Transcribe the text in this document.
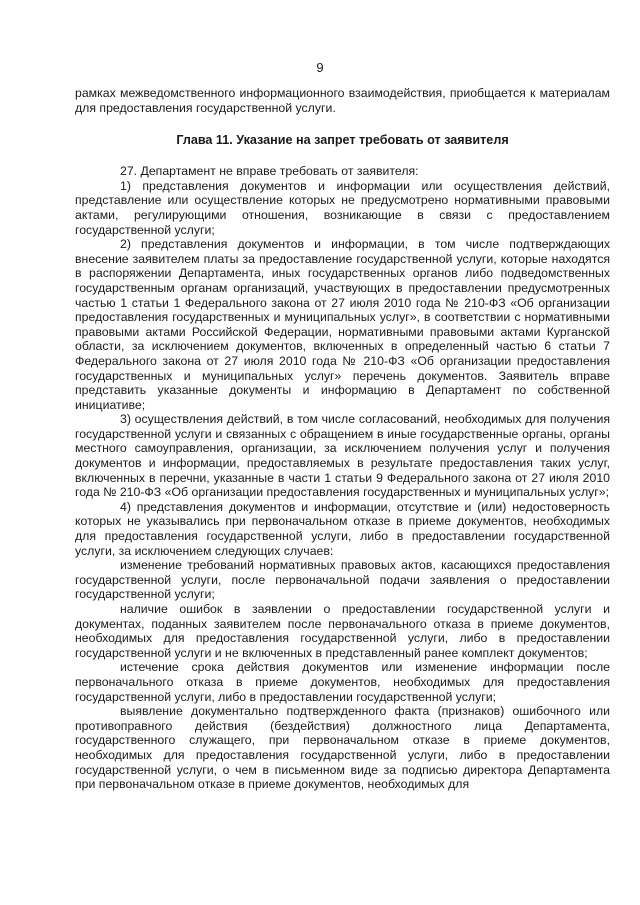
9

рамках межведомственного информационного взаимодействия, приобщается к материалам для предоставления государственной услуги.

Глава 11. Указание на запрет требовать от заявителя

27. Департамент не вправе требовать от заявителя:

1) представления документов и информации или осуществления действий, представление или осуществление которых не предусмотрено нормативными правовыми актами, регулирующими отношения, возникающие в связи с предоставлением государственной услуги;

2) представления документов и информации, в том числе подтверждающих внесение заявителем платы за предоставление государственной услуги, которые находятся в распоряжении Департамента, иных государственных органов либо подведомственных государственным органам организаций, участвующих в предоставлении предусмотренных частью 1 статьи 1 Федерального закона от 27 июля 2010 года № 210-ФЗ «Об организации предоставления государственных и муниципальных услуг», в соответствии с нормативными правовыми актами Российской Федерации, нормативными правовыми актами Курганской области, за исключением документов, включенных в определенный частью 6 статьи 7 Федерального закона от 27 июля 2010 года № 210-ФЗ «Об организации предоставления государственных и муниципальных услуг» перечень документов. Заявитель вправе представить указанные документы и информацию в Департамент по собственной инициативе;

3) осуществления действий, в том числе согласований, необходимых для получения государственной услуги и связанных с обращением в иные государственные органы, органы местного самоуправления, организации, за исключением получения услуг и получения документов и информации, предоставляемых в результате предоставления таких услуг, включенных в перечни, указанные в части 1 статьи 9 Федерального закона от 27 июля 2010 года № 210-ФЗ «Об организации предоставления государственных и муниципальных услуг»;

4) представления документов и информации, отсутствие и (или) недостоверность которых не указывались при первоначальном отказе в приеме документов, необходимых для предоставления государственной услуги, либо в предоставлении государственной услуги, за исключением следующих случаев:

изменение требований нормативных правовых актов, касающихся предоставления государственной услуги, после первоначальной подачи заявления о предоставлении государственной услуги;

наличие ошибок в заявлении о предоставлении государственной услуги и документах, поданных заявителем после первоначального отказа в приеме документов, необходимых для предоставления государственной услуги, либо в предоставлении государственной услуги и не включенных в представленный ранее комплект документов;

истечение срока действия документов или изменение информации после первоначального отказа в приеме документов, необходимых для предоставления государственной услуги, либо в предоставлении государственной услуги;

выявление документально подтвержденного факта (признаков) ошибочного или противоправного действия (бездействия) должностного лица Департамента, государственного служащего, при первоначальном отказе в приеме документов, необходимых для предоставления государственной услуги, либо в предоставлении государственной услуги, о чем в письменном виде за подписью директора Департамента при первоначальном отказе в приеме документов, необходимых для
